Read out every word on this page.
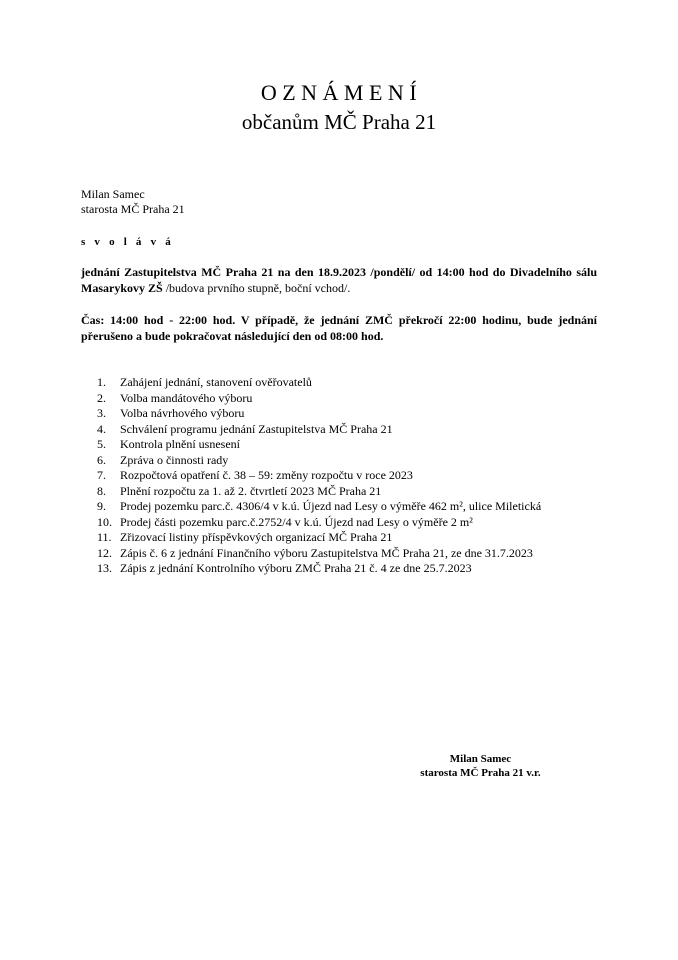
OZNÁMENÍ
občanům MČ Praha 21
Milan Samec
starosta MČ Praha 21
s v o l á v á
jednání Zastupitelstva MČ Praha 21 na den 18.9.2023 /pondělí/ od 14:00 hod do Divadelního sálu Masarykovy ZŠ /budova prvního stupně, boční vchod/.
Čas: 14:00 hod - 22:00 hod. V případě, že jednání ZMČ překročí 22:00 hodinu, bude jednání přerušeno a bude pokračovat následující den od 08:00 hod.
1. Zahájení jednání, stanovení ověřovatelů
2. Volba mandátového výboru
3. Volba návrhového výboru
4. Schválení programu jednání Zastupitelstva MČ Praha 21
5. Kontrola plnění usnesení
6. Zpráva o činnosti rady
7. Rozpočtová opatření č. 38 – 59: změny rozpočtu v roce 2023
8. Plnění rozpočtu za 1. až 2. čtvrtletí 2023 MČ Praha 21
9. Prodej pozemku parc.č. 4306/4 v k.ú. Újezd nad Lesy o výměře 462 m², ulice Miletická
10. Prodej části pozemku parc.č.2752/4 v k.ú. Újezd nad Lesy o výměře 2 m²
11. Zřizovací listiny příspěvkových organizací MČ Praha 21
12. Zápis č. 6 z jednání Finančního výboru Zastupitelstva MČ Praha 21, ze dne 31.7.2023
13. Zápis z jednání Kontrolního výboru ZMČ Praha 21 č. 4 ze dne 25.7.2023
Milan Samec
starosta MČ Praha 21 v.r.
